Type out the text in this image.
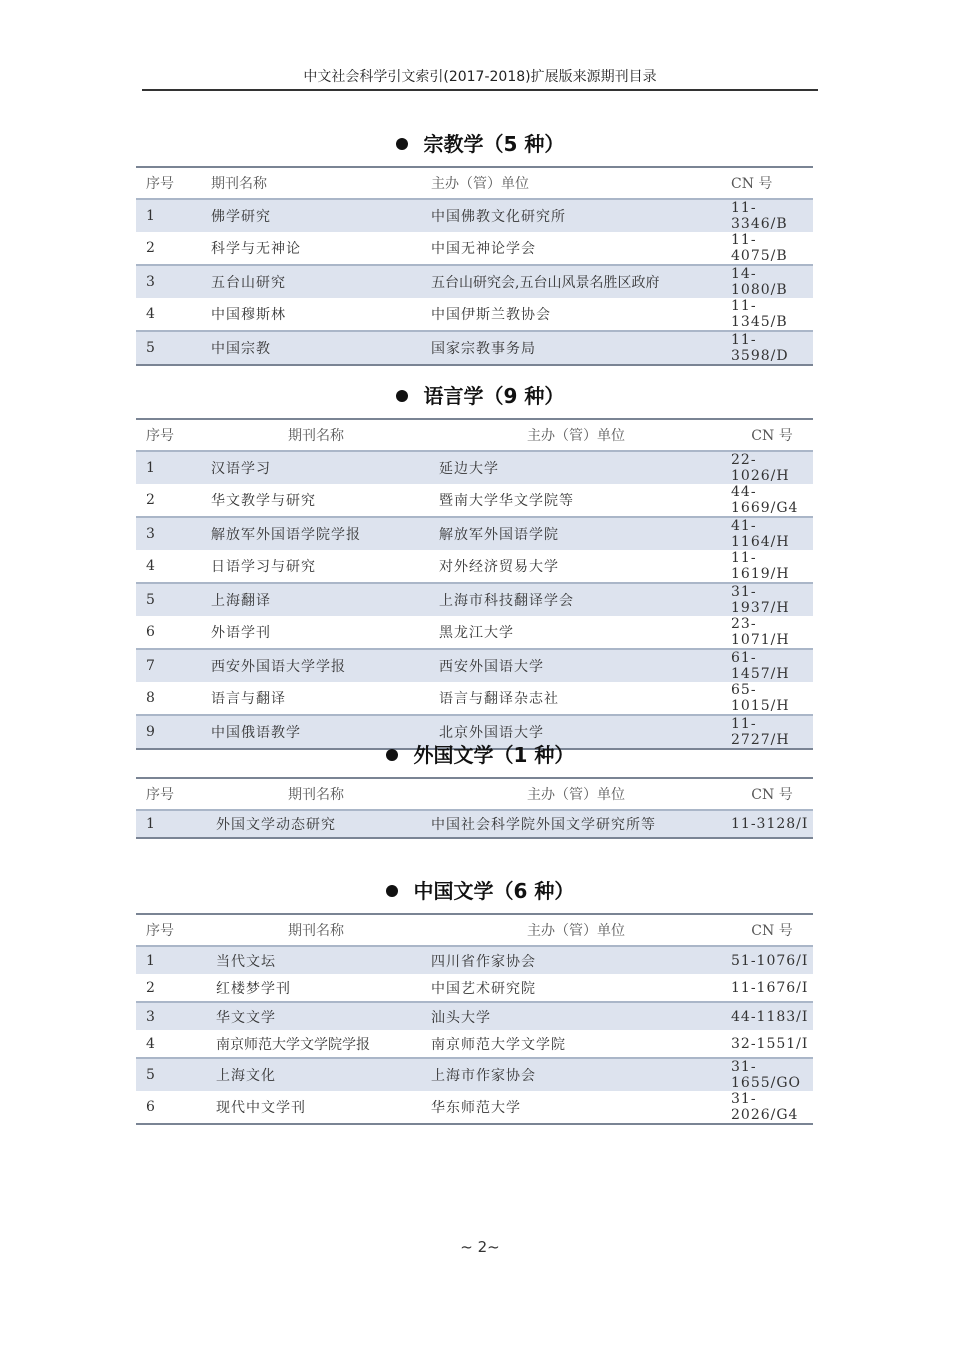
中文社会科学引文索引(2017-2018)扩展版来源期刊目录
宗教学（5 种）
序号	期刊名称	主办（管）单位	CN 号
1	佛学研究	中国佛教文化研究所	11-3346/B
2	科学与无神论	中国无神论学会	11-4075/B
3	五台山研究	五台山研究会,五台山风景名胜区政府	14-1080/B
4	中国穆斯林	中国伊斯兰教协会	11-1345/B
5	中国宗教	国家宗教事务局	11-3598/D
语言学（9 种）
序号	期刊名称	主办（管）单位	CN 号
1	汉语学习	延边大学	22-1026/H
2	华文教学与研究	暨南大学华文学院等	44-1669/G4
3	解放军外国语学院学报	解放军外国语学院	41-1164/H
4	日语学习与研究	对外经济贸易大学	11-1619/H
5	上海翻译	上海市科技翻译学会	31-1937/H
6	外语学刊	黑龙江大学	23-1071/H
7	西安外国语大学学报	西安外国语大学	61-1457/H
8	语言与翻译	语言与翻译杂志社	65-1015/H
9	中国俄语教学	北京外国语大学	11-2727/H
外国文学（1 种）
序号	期刊名称	主办（管）单位	CN 号
1	外国文学动态研究	中国社会科学院外国文学研究所等	11-3128/I
中国文学（6 种）
序号	期刊名称	主办（管）单位	CN 号
1	当代文坛	四川省作家协会	51-1076/I
2	红楼梦学刊	中国艺术研究院	11-1676/I
3	华文文学	汕头大学	44-1183/I
4	南京师范大学文学院学报	南京师范大学文学院	32-1551/I
5	上海文化	上海市作家协会	31-1655/GO
6	现代中文学刊	华东师范大学	31-2026/G4
~ 2~
